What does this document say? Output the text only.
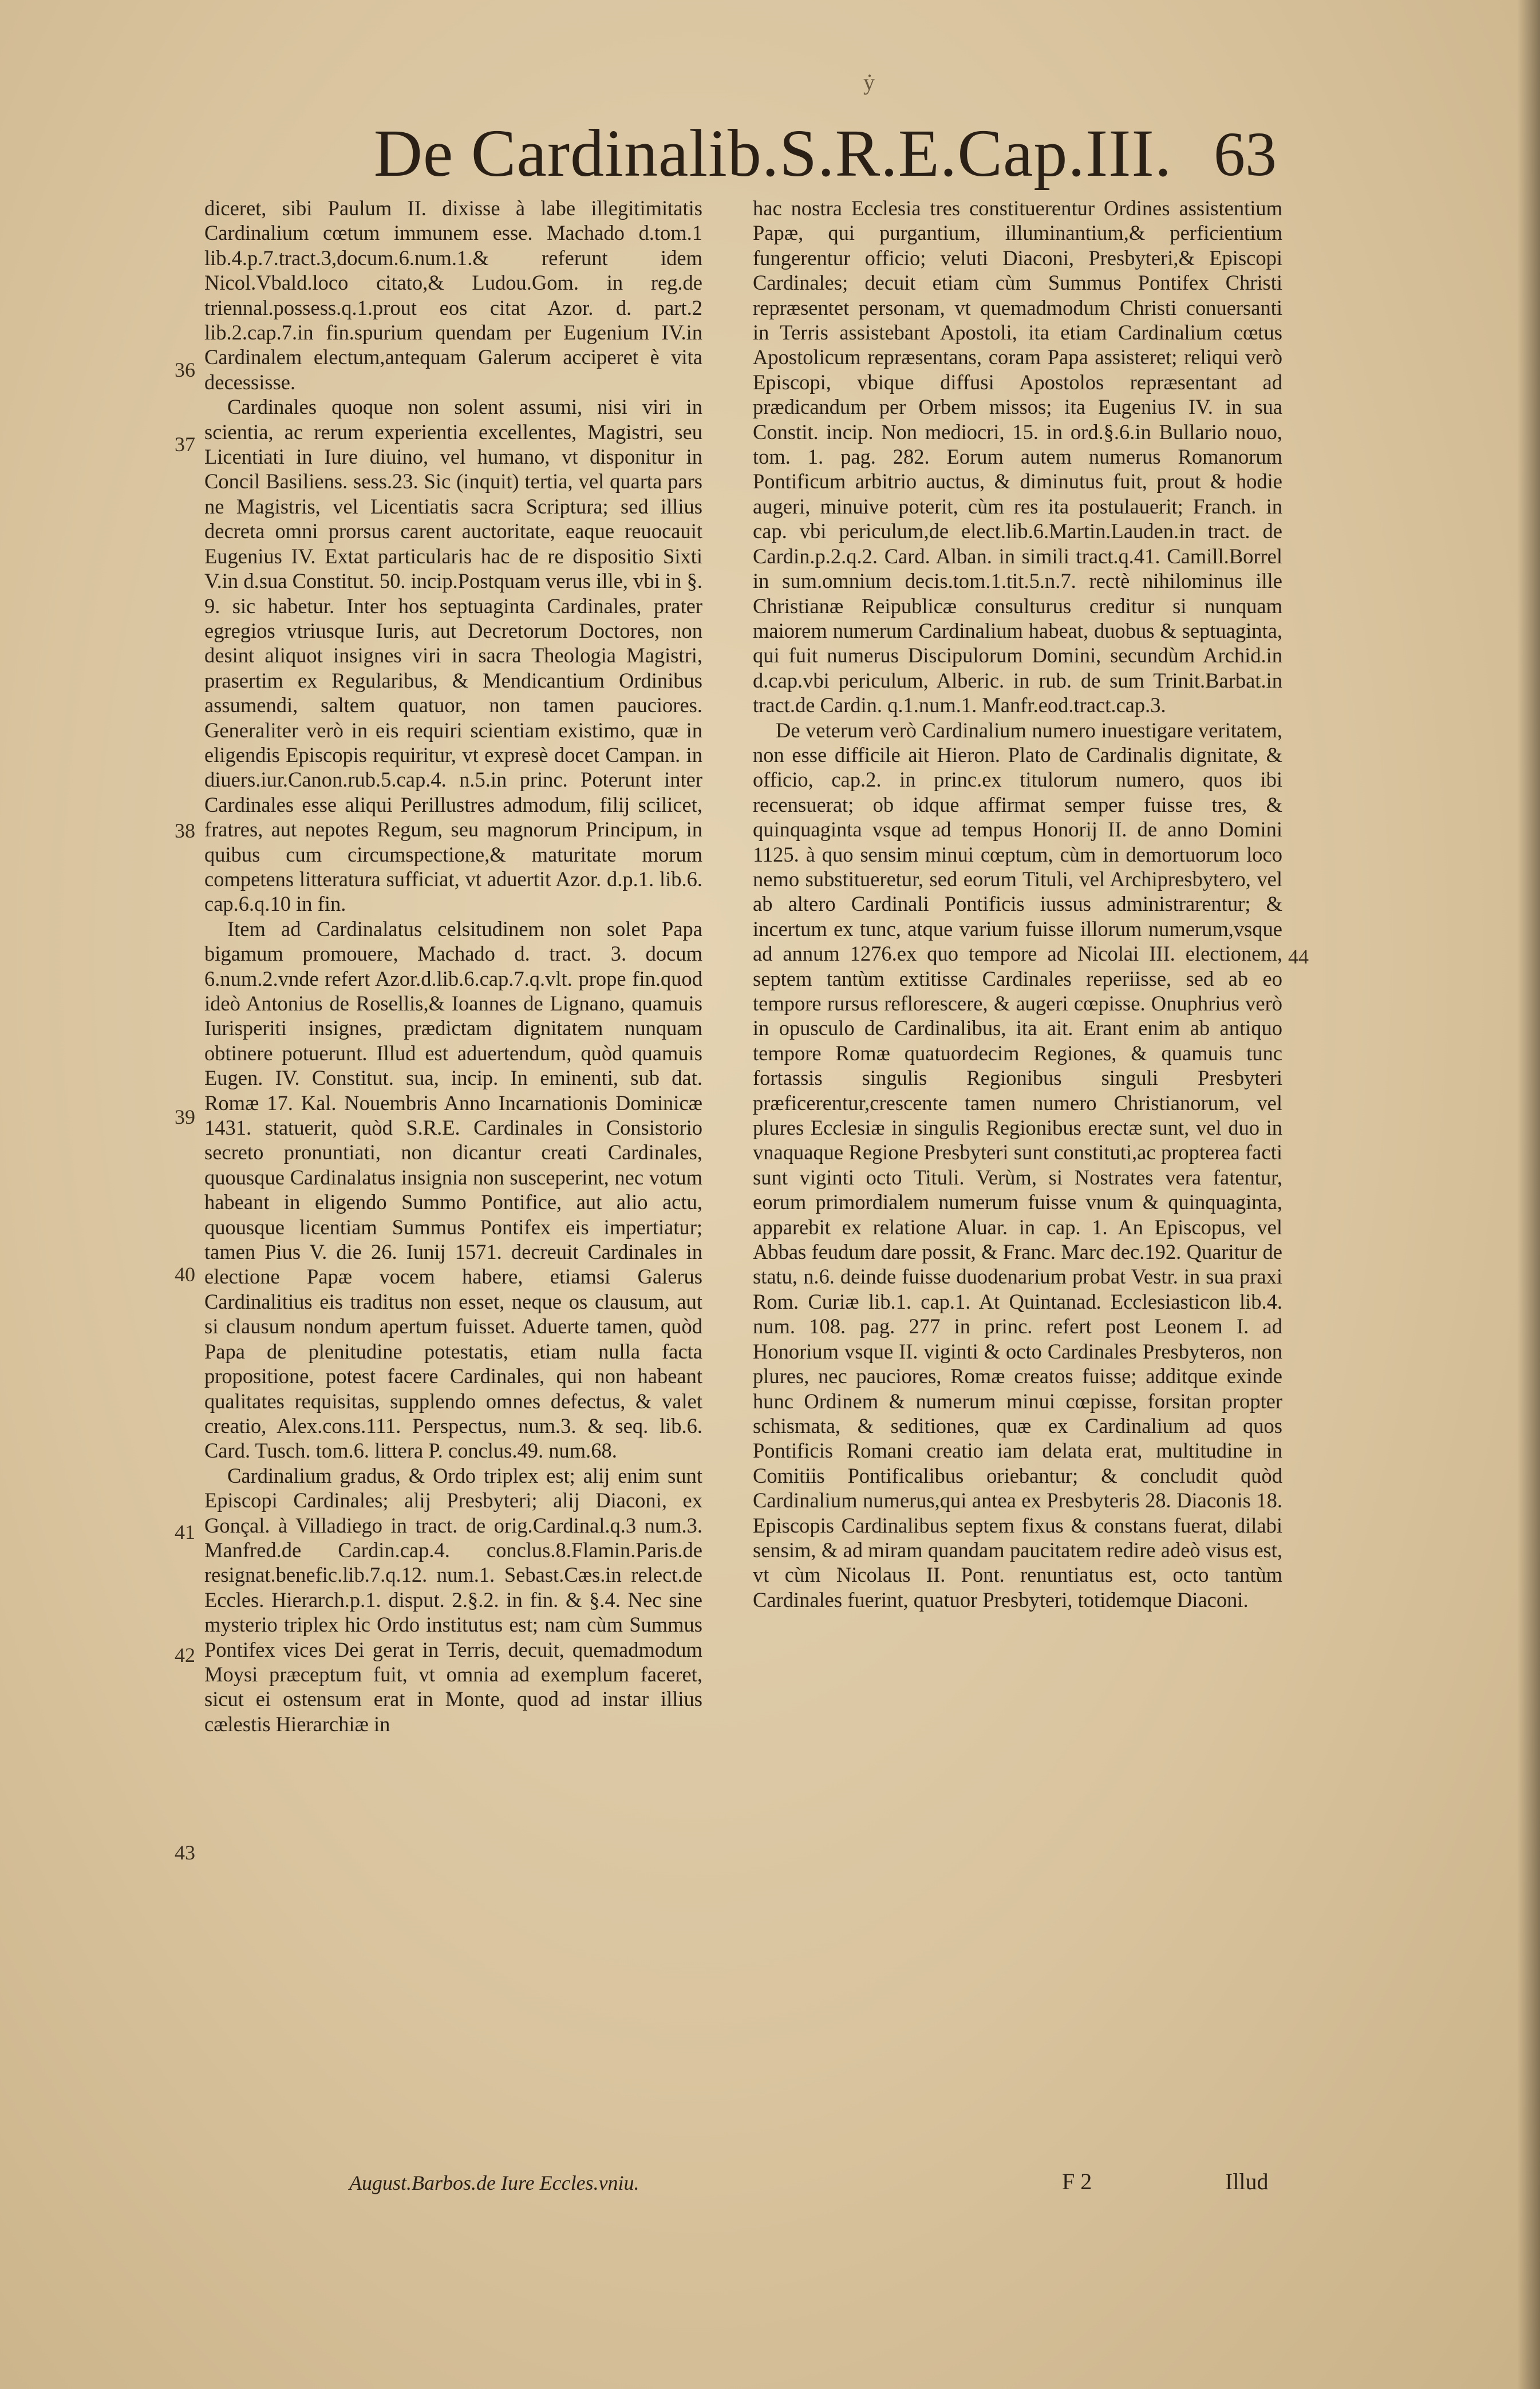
ẏ
De Cardinalib.S.R.E.Cap.III. 63

diceret, sibi Paulum II. dixisse à labe illegitimitatis Cardinalium cœtum immunem esse. Machado d.tom.1 lib.4.p.7.tract.3,docum.6.num.1.& referunt idem Nicol.Vbald.loco citato,& Ludou.Gom. in reg.de triennal.possess.q.1.prout eos citat Azor. d. part.2 lib.2.cap.7.in fin.spurium quendam per Eugenium IV.in Cardinalem electum,antequam Galerum acciperet è vita decessisse.

Cardinales quoque non solent assumi, nisi viri in scientia, ac rerum experientia excellentes, Magistri, seu Licentiati in Iure diuino, vel humano, vt disponitur in Concil Basiliens. sess.23. Sic (inquit) tertia, vel quarta pars ne Magistris, vel Licentiatis sacra Scriptura; sed illius decreta omni prorsus carent auctoritate, eaque reuocauit Eugenius IV. Extat particularis hac de re dispositio Sixti V.in d.sua Constitut. 50. incip.Postquam verus ille, vbi in §. 9. sic habetur. Inter hos septuaginta Cardinales, prater egregios vtriusque Iuris, aut Decretorum Doctores, non desint aliquot insignes viri in sacra Theologia Magistri, prasertim ex Regularibus, & Mendicantium Ordinibus assumendi, saltem quatuor, non tamen pauciores. Generaliter verò in eis requiri scientiam existimo, quæ in eligendis Episcopis requiritur, vt expresè docet Campan. in diuers.iur.Canon.rub.5.cap.4. n.5.in princ. Poterunt inter Cardinales esse aliqui Perillustres admodum, filij scilicet, fratres, aut nepotes Regum, seu magnorum Principum, in quibus cum circumspectione,& maturitate morum competens litteratura sufficiat, vt aduertit Azor. d.p.1. lib.6. cap.6.q.10 in fin.

Item ad Cardinalatus celsitudinem non solet Papa bigamum promouere, Machado d. tract. 3. docum 6.num.2.vnde refert Azor.d.lib.6.cap.7.q.vlt. prope fin.quod ideò Antonius de Rosellis,& Ioannes de Lignano, quamuis Iurisperiti insignes, prædictam dignitatem nunquam obtinere potuerunt. Illud est aduertendum, quòd quamuis Eugen. IV. Constitut. sua, incip. In eminenti, sub dat. Romæ 17. Kal. Nouembris Anno Incarnationis Dominicæ 1431. statuerit, quòd S.R.E. Cardinales in Consistorio secreto pronuntiati, non dicantur creati Cardinales, quousque Cardinalatus insignia non susceperint, nec votum habeant in eligendo Summo Pontifice, aut alio actu, quousque licentiam Summus Pontifex eis impertiatur; tamen Pius V. die 26. Iunij 1571. decreuit Cardinales in electione Papæ vocem habere, etiamsi Galerus Cardinalitius eis traditus non esset, neque os clausum, aut si clausum nondum apertum fuisset. Aduerte tamen, quòd Papa de plenitudine potestatis, etiam nulla facta propositione, potest facere Cardinales, qui non habeant qualitates requisitas, supplendo omnes defectus, & valet creatio, Alex.cons.111. Perspectus, num.3. & seq. lib.6. Card. Tusch. tom.6. littera P. conclus.49. num.68.

Cardinalium gradus, & Ordo triplex est; alij enim sunt Episcopi Cardinales; alij Presbyteri; alij Diaconi, ex Gonçal. à Villadiego in tract. de orig.Cardinal.q.3 num.3. Manfred.de Cardin.cap.4. conclus.8.Flamin.Paris.de resignat.benefic.lib.7.q.12. num.1. Sebast.Cæs.in relect.de Eccles. Hierarch.p.1. disput. 2.§.2. in fin. & §.4. Nec sine mysterio triplex hic Ordo institutus est; nam cùm Summus Pontifex vices Dei gerat in Terris, decuit, quemadmodum Moysi præceptum fuit, vt omnia ad exemplum faceret, sicut ei ostensum erat in Monte, quod ad instar illius cælestis Hierarchiæ in

hac nostra Ecclesia tres constituerentur Ordines assistentium Papæ, qui purgantium, illuminantium,& perficientium fungerentur officio; veluti Diaconi, Presbyteri,& Episcopi Cardinales; decuit etiam cùm Summus Pontifex Christi repræsentet personam, vt quemadmodum Christi conuersanti in Terris assistebant Apostoli, ita etiam Cardinalium cœtus Apostolicum repræsentans, coram Papa assisteret; reliqui verò Episcopi, vbique diffusi Apostolos repræsentant ad prædicandum per Orbem missos; ita Eugenius IV. in sua Constit. incip. Non mediocri, 15. in ord.§.6.in Bullario nouo, tom. 1. pag. 282. Eorum autem numerus Romanorum Pontificum arbitrio auctus, & diminutus fuit, prout & hodie augeri, minuive poterit, cùm res ita postulauerit; Franch. in cap. vbi periculum,de elect.lib.6.Martin.Lauden.in tract. de Cardin.p.2.q.2. Card. Alban. in simili tract.q.41. Camill.Borrel in sum.omnium decis.tom.1.tit.5.n.7. rectè nihilominus ille Christianæ Reipublicæ consulturus creditur si nunquam maiorem numerum Cardinalium habeat, duobus & septuaginta, qui fuit numerus Discipulorum Domini, secundùm Archid.in d.cap.vbi periculum, Alberic. in rub. de sum Trinit.Barbat.in tract.de Cardin. q.1.num.1. Manfr.eod.tract.cap.3.

De veterum verò Cardinalium numero inuestigare veritatem, non esse difficile ait Hieron. Plato de Cardinalis dignitate, & officio, cap.2. in princ.ex titulorum numero, quos ibi recensuerat; ob idque affirmat semper fuisse tres, & quinquaginta vsque ad tempus Honorij II. de anno Domini 1125. à quo sensim minui cœptum, cùm in demortuorum loco nemo substitueretur, sed eorum Tituli, vel Archipresbytero, vel ab altero Cardinali Pontificis iussus administrarentur; & incertum ex tunc, atque varium fuisse illorum numerum,vsque ad annum 1276.ex quo tempore ad Nicolai III. electionem, septem tantùm extitisse Cardinales reperiisse, sed ab eo tempore rursus reflorescere, & augeri cœpisse. Onuphrius verò in opusculo de Cardinalibus, ita ait. Erant enim ab antiquo tempore Romæ quatuordecim Regiones, & quamuis tunc fortassis singulis Regionibus singuli Presbyteri præficerentur,crescente tamen numero Christianorum, vel plures Ecclesiæ in singulis Regionibus erectæ sunt, vel duo in vnaquaque Regione Presbyteri sunt constituti,ac propterea facti sunt viginti octo Tituli. Verùm, si Nostrates vera fatentur, eorum primordialem numerum fuisse vnum & quinquaginta, apparebit ex relatione Aluar. in cap. 1. An Episcopus, vel Abbas feudum dare possit, & Franc. Marc dec.192. Quaritur de statu, n.6. deinde fuisse duodenarium probat Vestr. in sua praxi Rom. Curiæ lib.1. cap.1. At Quintanad. Ecclesiasticon lib.4. num. 108. pag. 277 in princ. refert post Leonem I. ad Honorium vsque II. viginti & octo Cardinales Presbyteros, non plures, nec pauciores, Romæ creatos fuisse; additque exinde hunc Ordinem & numerum minui cœpisse, forsitan propter schismata, & seditiones, quæ ex Cardinalium ad quos Pontificis Romani creatio iam delata erat, multitudine in Comitiis Pontificalibus oriebantur; & concludit quòd Cardinalium numerus,qui antea ex Presbyteris 28. Diaconis 18. Episcopis Cardinalibus septem fixus & constans fuerat, dilabi sensim, & ad miram quandam paucitatem redire adeò visus est, vt cùm Nicolaus II. Pont. renuntiatus est, octo tantùm Cardinales fuerint, quatuor Presbyteri, totidemque Diaconi.

36
37
38
39
40
41
42
43
44
August.Barbos.de Iure Eccles.vniu.	F 2	Illud
